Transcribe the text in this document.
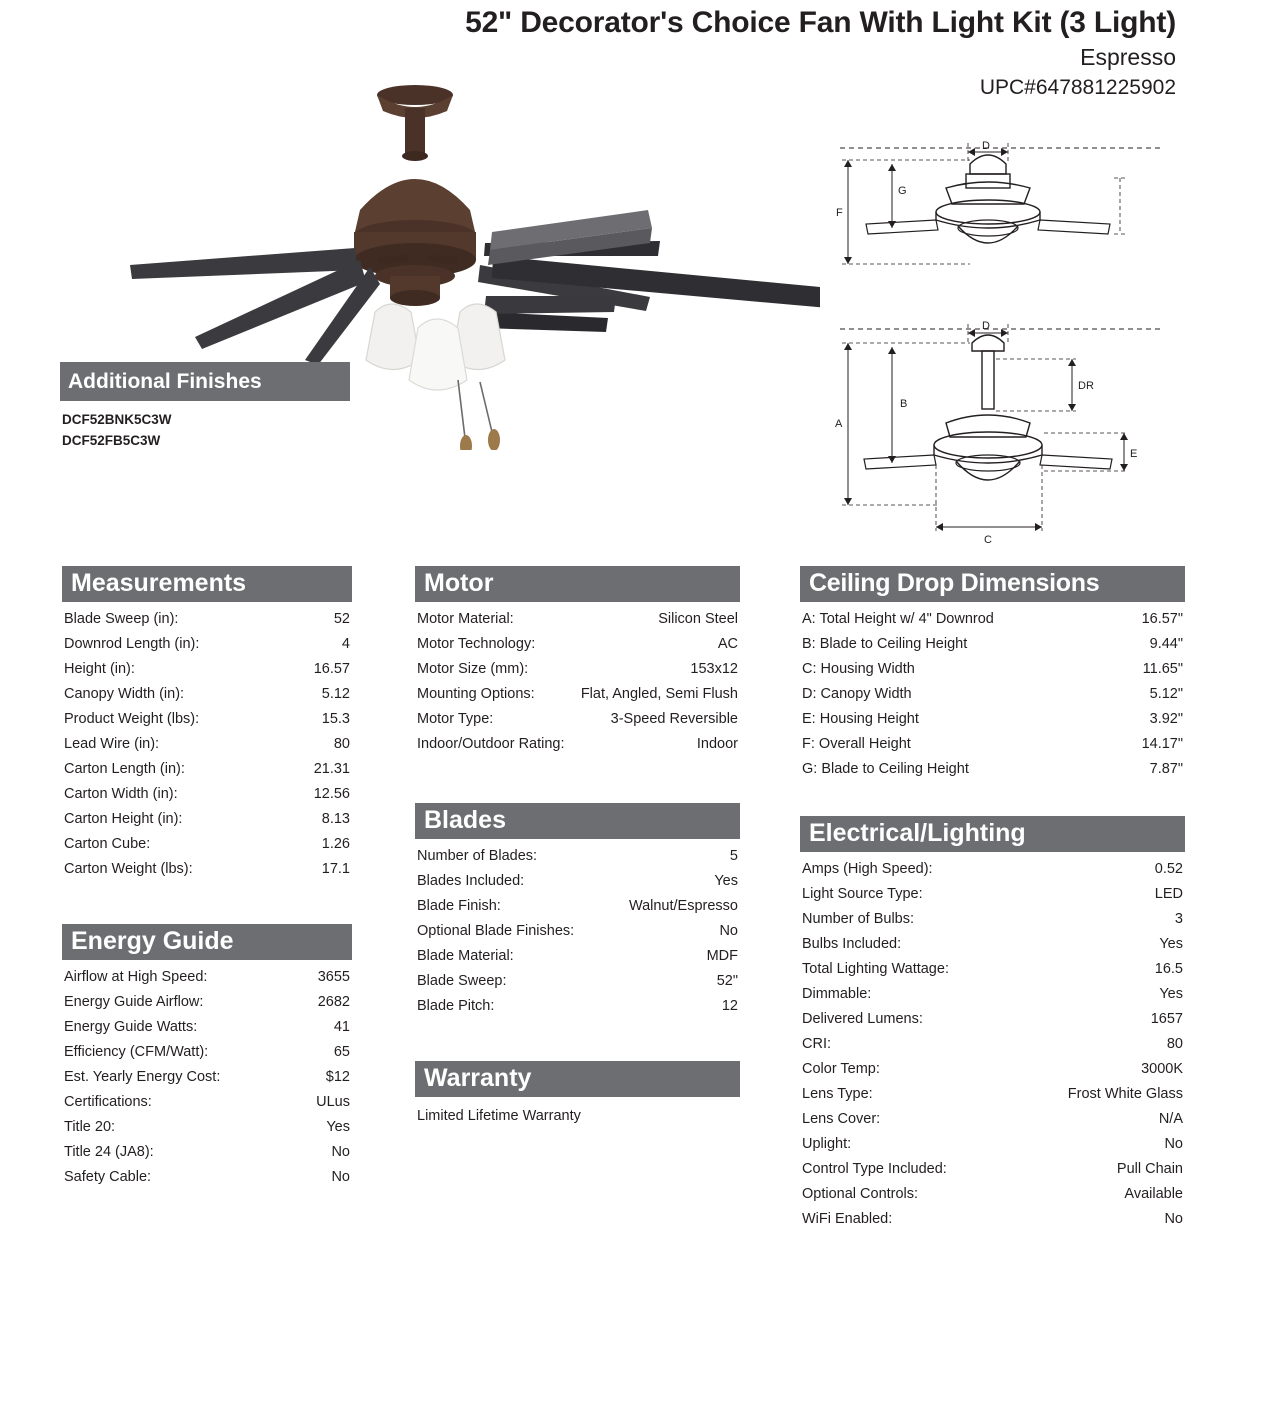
52" Decorator's Choice Fan With Light Kit (3 Light)
Espresso
UPC#647881225902
Additional Finishes
DCF52BNK5C3W
DCF52FB5C3W
D
F
G
D
A
B
DR
E
C
Measurements
Blade Sweep (in):	52
Downrod Length (in):	4
Height (in):	16.57
Canopy Width (in):	5.12
Product Weight (lbs):	15.3
Lead Wire (in):	80
Carton Length (in):	21.31
Carton Width (in):	12.56
Carton Height (in):	8.13
Carton Cube:	1.26
Carton Weight (lbs):	17.1
Energy Guide
Airflow at High Speed:	3655
Energy Guide Airflow:	2682
Energy Guide Watts:	41
Efficiency (CFM/Watt):	65
Est. Yearly Energy Cost:	$12
Certifications:	ULus
Title 20:	Yes
Title 24 (JA8):	No
Safety Cable:	No
Motor
Motor Material:	Silicon Steel
Motor Technology:	AC
Motor Size (mm):	153x12
Mounting Options:	Flat, Angled, Semi Flush
Motor Type:	3-Speed Reversible
Indoor/Outdoor Rating:	Indoor
Blades
Number of Blades:	5
Blades Included:	Yes
Blade Finish:	Walnut/Espresso
Optional Blade Finishes:	No
Blade Material:	MDF
Blade Sweep:	52"
Blade Pitch:	12
Warranty
Limited Lifetime Warranty
Ceiling Drop Dimensions
A: Total Height w/ 4" Downrod	16.57"
B: Blade to Ceiling Height	9.44"
C: Housing Width	11.65"
D: Canopy Width	5.12"
E: Housing Height	3.92"
F: Overall Height	14.17"
G: Blade to Ceiling Height	7.87"
Electrical/Lighting
Amps (High Speed):	0.52
Light Source Type:	LED
Number of Bulbs:	3
Bulbs Included:	Yes
Total Lighting Wattage:	16.5
Dimmable:	Yes
Delivered Lumens:	1657
CRI:	80
Color Temp:	3000K
Lens Type:	Frost White Glass
Lens Cover:	N/A
Uplight:	No
Control Type Included:	Pull Chain
Optional Controls:	Available
WiFi Enabled:	No
